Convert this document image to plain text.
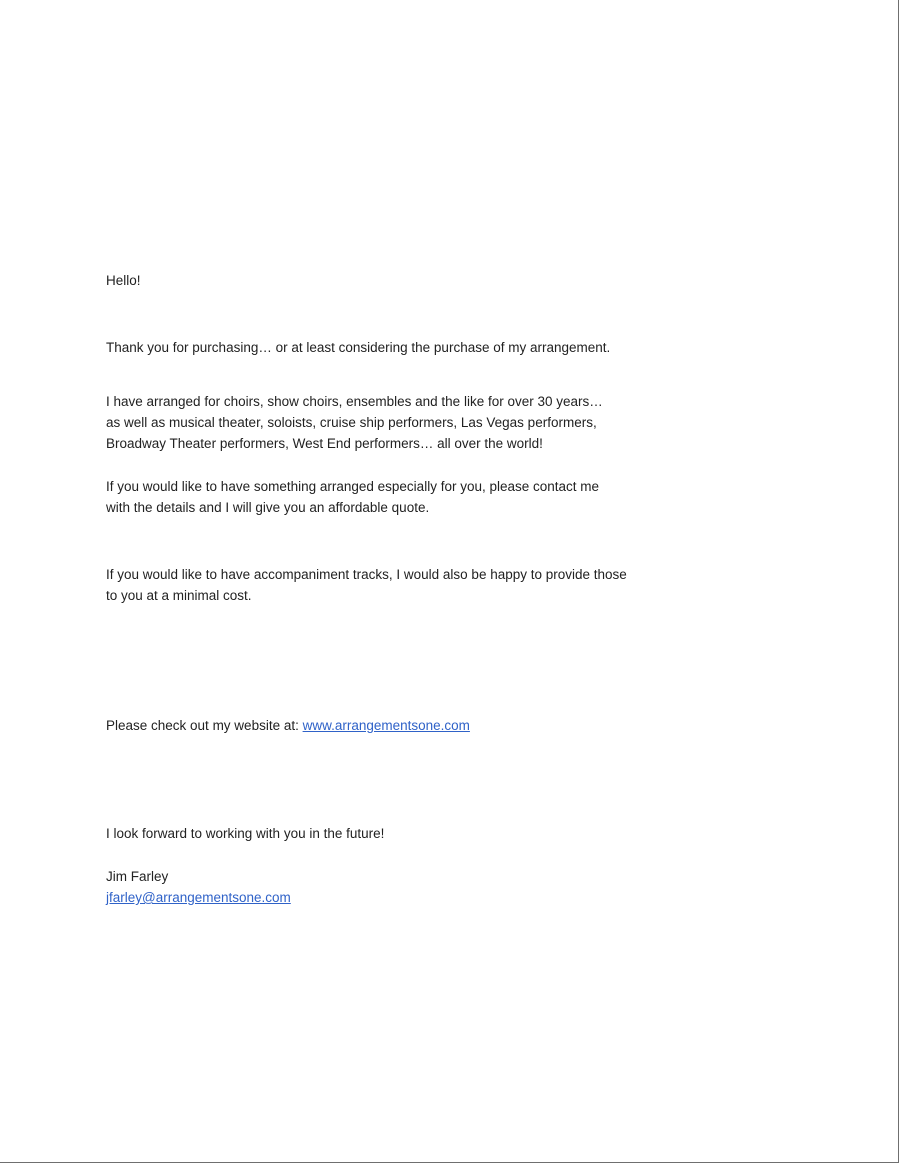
Hello!
Thank you for purchasing… or at least considering the purchase of my arrangement.
I have arranged for choirs, show choirs, ensembles and the like for over 30 years…
as well as musical theater, soloists, cruise ship performers, Las Vegas performers,
Broadway Theater performers, West End performers… all over the world!
If you would like to have something arranged especially for you, please contact me
with the details and I will give you an affordable quote.
If you would like to have accompaniment tracks, I would also be happy to provide those
to you at a minimal cost.
Please check out my website at: www.arrangementsone.com
I look forward to working with you in the future!
Jim Farley
jfarley@arrangementsone.com
